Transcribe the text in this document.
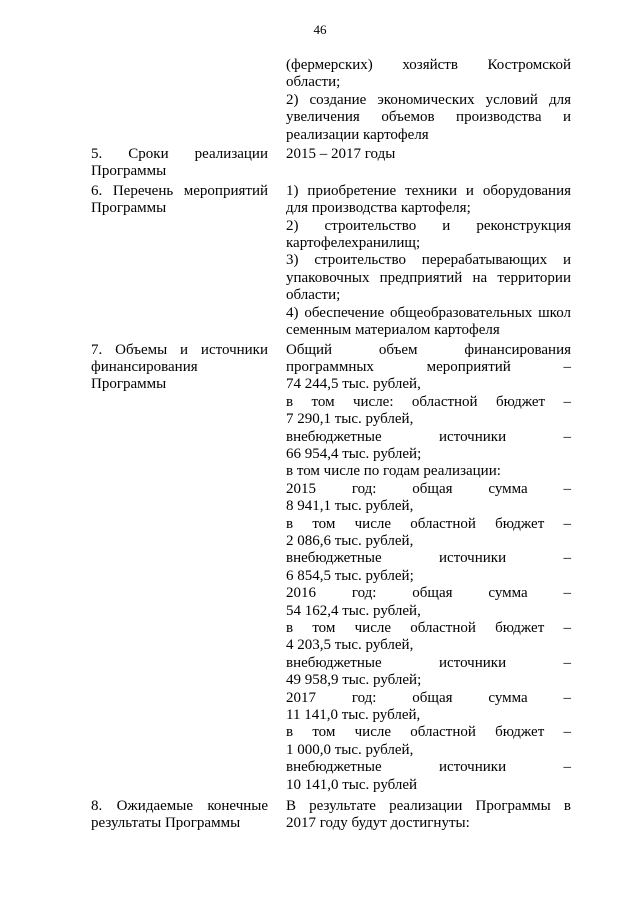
46
(фермерских) хозяйств Костромской
области;
2) создание экономических условий для
увеличения объемов производства и
реализации картофеля
5. Сроки реализации
Программы
2015 – 2017 годы
6. Перечень мероприятий
Программы
1) приобретение техники и оборудования
для производства картофеля;
2) строительство и реконструкция
картофелехранилищ;
3) строительство перерабатывающих и
упаковочных предприятий на территории
области;
4) обеспечение общеобразовательных школ
семенным материалом картофеля
7. Объемы и источники
финансирования
Программы
Общий объем финансирования
программных мероприятий –
74 244,5 тыс. рублей,
в том числе: областной бюджет –
7 290,1 тыс. рублей,
внебюджетные источники –
66 954,4 тыс. рублей;
в том числе по годам реализации:
2015 год: общая сумма –
8 941,1 тыс. рублей,
в том числе областной бюджет –
2 086,6 тыс. рублей,
внебюджетные источники –
6 854,5 тыс. рублей;
2016 год: общая сумма –
54 162,4 тыс. рублей,
в том числе областной бюджет –
4 203,5 тыс. рублей,
внебюджетные источники –
49 958,9 тыс. рублей;
2017 год: общая сумма –
11 141,0 тыс. рублей,
в том числе областной бюджет –
1 000,0 тыс. рублей,
внебюджетные источники –
10 141,0 тыс. рублей
8. Ожидаемые конечные
результаты Программы
В результате реализации Программы в
2017 году будут достигнуты:
